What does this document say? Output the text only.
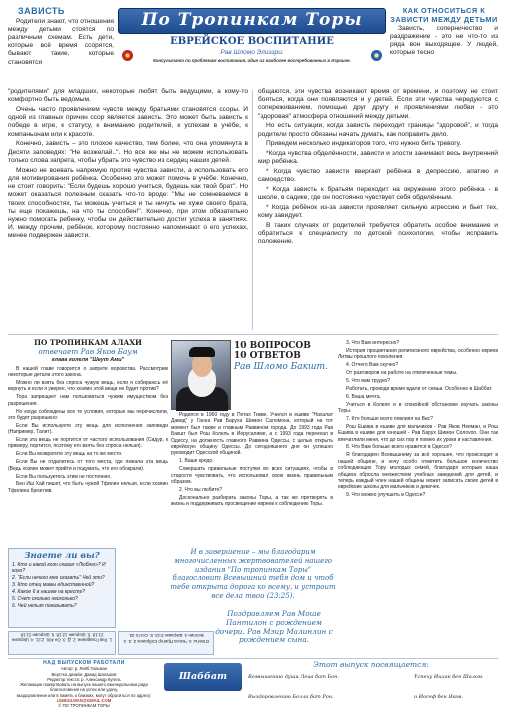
По Тропинкам Торы
ЕВРЕЙСКОЕ ВОСПИТАНИЕ
Рав Шломо Элиэзри.
Консультант по проблемам воспитания, один из наиболее востребованных в Израиле.
ЗАВИСТЬ
Родители знают, что отношения между детьми стоятся по различным схемам. Есть дети, которые всё время ссорятся, бывают такие, которые становятся
КАК ОТНОСИТЬСЯ К ЗАВИСТИ МЕЖДУ ДЕТЬМИ
Зависть, соперничество и раздражение - это не что-то из ряда вон выходящее. У людей, которые тесно
"родителями" для младших, некоторые любят быть ведущими, а кому-то комфортно быть ведомым.
Очень часто проявлением чувств между братьями становятся ссоры. И одной из главных причин ссор является зависть. Это может быть зависть к победе в игре, к статусу, к вниманию родителей, к успехам в учёбе, к компаньонам или к красоте.
Конечно, зависть – это плохое качество, тем более, что она упомянута в Десяти заповедях: "Не возжелай..". Но все же мы не можем использовать только слова запрета, чтобы убрать это чувство из сердец наших детей.
Можно не воевать напрямую против чувства зависти, а использовать его для мотивирования ребёнка. Особенно это может помочь в учёбе. Конечно, не стоит говорить: "Если будешь хорошо учиться, будешь как твой брат". Но может оказаться полезным сказать что-то вроде: "Мы не сомневаемся в твоих способностях, ты можешь учиться и ты ничуть не хуже своего брата, ты еще покажешь, на что ты способен!". Конечно, при этом обязательно нужно помогать ребенку, чтобы он действительно достиг успеха в занятиях. И, между прочим, ребёнок, которому постоянно напоминают о его успехах, менее подвержен зависти.
общаются, эти чувства возникают время от времени, и поэтому не стоит бояться, когда они появляются и у детей. Если эти чувства чередуются с сопереживанием, помощью друг другу и проявлениями любви - это "здоровая" атмосфера отношений между детьми.
Но есть ситуации, когда зависть переходит границы "здоровой", и тогда родители просто обязаны начать думать, как поправить дело.
Приведем несколько индикаторов того, что нужно бить тревогу.
*Когда чувства обделённости, зависти и злости занимают весь внутренний мир ребёнка.
* Когда чувство зависти ввергает ребёнка в депрессию, апатию и самоедство.
* Когда зависть к братьям переходит на окружение этого ребёнка - в школе, в садике, где он постоянно чувствует себя обделённым.
* Когда ребёнок из-за зависти проявляет сильную агрессию и бьет тех, кому завидует.
В таких случаях от родителей требуется обратить особое внимание и обратиться к специалисту по детской психологии, чтобы исправить положение.
ПО ТРОПИНКАМ АЛАХИ
отвечает Рав Яков Баум
глава колеля "Шеут Ами"
В нашей главе говорится о запрете воровства. Рассмотрим некоторые детали этого закона.
Можно ли взять без спроса чужую вещь, если я собираюсь её вернуть и если я уверен, что хозяин этой вещи не будет против?
Тора запрещает нам пользоваться чужим имуществом без разрешения.
Но когда соблюдены все те условия, которые мы перечислили, это будет разрешено:
Если Вы используете эту вещь для исполнения заповеди (Например, Талит).
Если эта вещь не портится от частого использования (Сидур, к примеру, портится, поэтому его взять без спроса нельзя).
Если Вы возвратите эту вещь на то же место.
Если Вы не отдалитесь от того места, где лежала эта вещь (Ведь хозяин может прийти и подумать, что его обокрали).
Если Вы пользуетесь этим не постоянно.
Бен Иш Хай пишет, что быть чужой Тфилин нельзя, если хозяин Тфилина брезглив.
10 ВОПРОСОВ
10 ОТВЕТОВ
Рав Шломо Бакшт.
Родился в 1960 году в Петах Тикве. Учился в ешиве "Нахалат Давид" у Гаона Рав Баруха Шимон Саломона, который на тот момент был также и главным Раввином города. До 1993 года Рав Бакшт был Рош Колель в Иерусалиме, а с 1993 года переехал в Одессу, на должность главного Раввина Одессы, с целью открыть еврейскую общину Одессы. До сегодняшнего дня он успешно руководит Одесской общиной.
1. Ваше кредо.
Совершать правильные поступки во всех ситуациях, чтобы в старости чувствовать, что использовал свою жизнь правильным образом.
2. Что вы любите?
Досконально разбирать законы Торы, а так же претворять в жизнь и поддерживать просвещение евреев к соблюдению Торы.
3. Что Вам интересно?
История процветания религиозного еврейства, особенно евреев Литвы прошлого поколения.
4. Отчего Вам скучно?
От разговоров на работе на отвлеченные темы.
5. Что вам трудно?
Работать, проводя время вдали от семьи. Особенно в Шаббат.
6. Ваша мечта.
Учиться в Колеле и в спокойной обстановке изучать законы Торы.
7. Кто больше всего повлиял на Вас?
Рош Ешива в ешиве для мальчиков - Рав Яков Нееман, и Рош Ешива в ешиве для юношей - Рав Барух Шимон Солоvon. Они так впечатлили меня, что до сих пор я помню их уроки и наставления.
8. Что Вам больше всего нравится в Одессе?
Я благодарен Всевышнему за всё хорошее, что происходит в нашей общине, и хочу особо отметить большое количество соблюдающих Тору молодых семей, благодаря которым наша община обросла множеством учебных заведений для детей, и теперь каждый член нашей общины может записать своих детей в еврейские школы для мальчиков и девочек.
9. Что можно улучшить в Одессе?
Знаете ли вы?
1. Кто и какой коэн сказал «Люблю»? И кого?
2. "Если нечего мне сказать" Чей это?
3. Кто отец мамы единственной?
4. Какое 6 в нашем на кресте?
5. Счет сколько несколько?
6. Чей нельзя показывать?
1. Рав Гозадиани. 2. Д. 3. Он 400. 2:21. 4. Шершин 21:18. 5. Шершин 12:18. 6. Шершин 21:18
Ответы: 4. Числа Пригер Собранок 2, 3. 4. Беллин 4. Шершин 3:13. 5. Сесто 32.
И в завершение – мы благодарим многочисленных жертвователей нашего издания "По тропинкам Торы" благословит Всевышний тебя дом и чтоб тебе открыта дорога ко всему, и устроит все дела твои (23:25).
Поздравляем Рав Моше Пантилон с рождением дочери. Рав Мэир Малинлин с рождением сына.
НАД ВЫПУСКОМ РАБОТАЛИ
Автор: р. Лейб Гильман
Верстка дизайн: Давид Шалашов
Редактор текста: р. Александр Кугель
Желающие пожертвовать на выпуск нашего еженедельника ради благословения на успех или удачу,
выздоровления или в память о близких, могут обратиться по адресу:
LEIBGILMAN@GMAIL.COM
© ПО ТРОПИНКАМ ТОРЫ
Шаббат Шалом
Этот выпуск посвящается:
Возвышению души Леиа бат Бон.
Выздоровлению Белла бат Рон.
Успеху Ицхак бен Шалом.
и Иосеф бен Яков.
